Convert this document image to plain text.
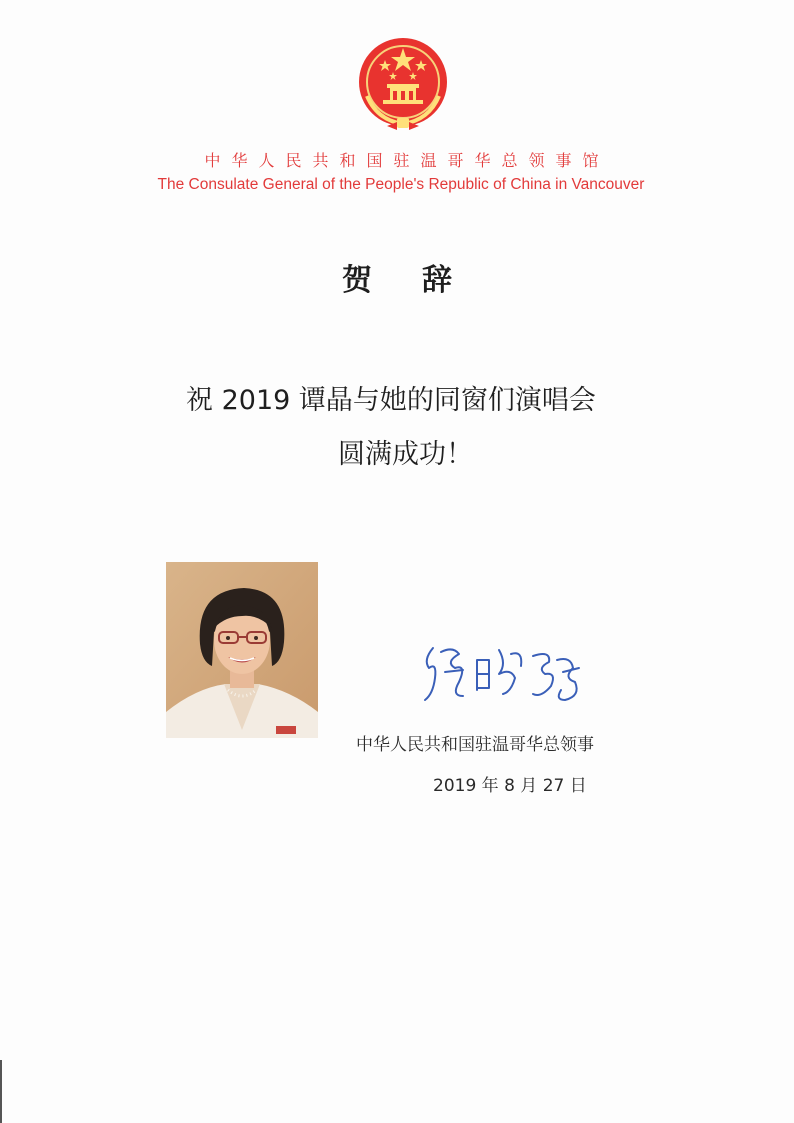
中华人民共和国驻温哥华总领事馆
The Consulate General of the People's Republic of China in Vancouver
贺 辞
祝 2019 谭晶与她的同窗们演唱会
圆满成功！
中华人民共和国驻温哥华总领事
2019 年 8 月 27 日
